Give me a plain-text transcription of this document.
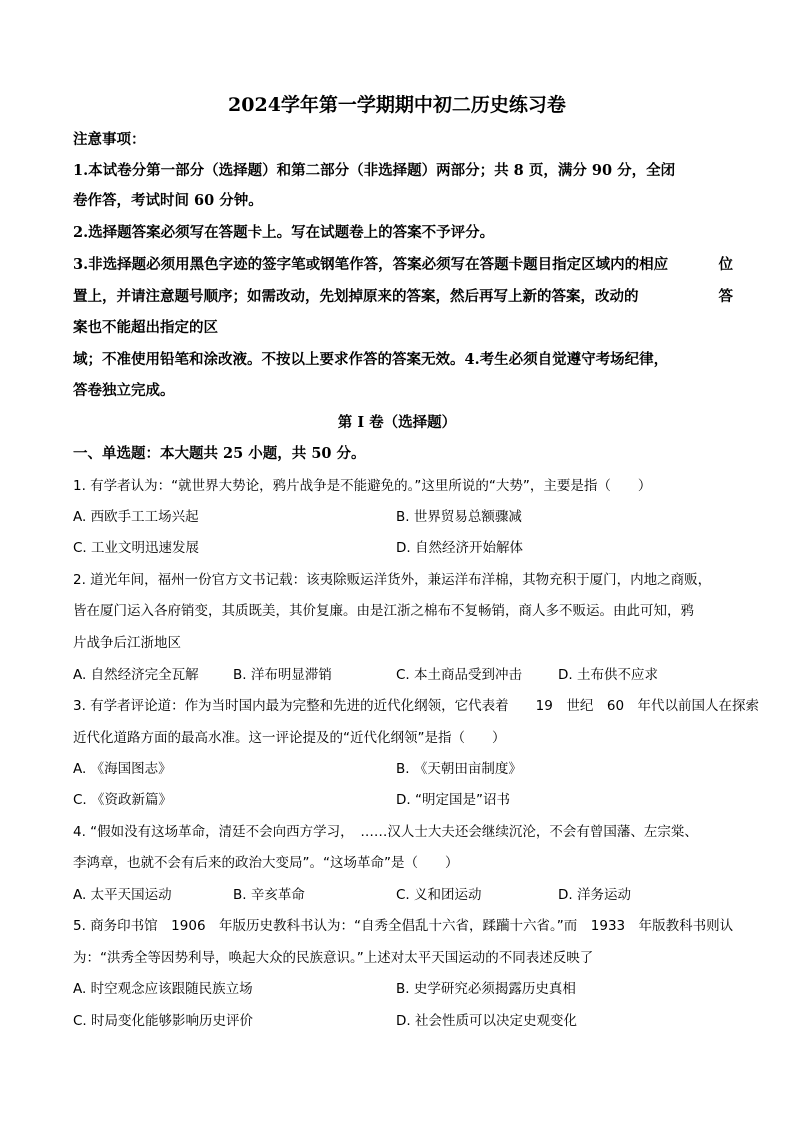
2024学年第一学期期中初二历史练习卷
注意事项：
1.本试卷分第一部分（选择题）和第二部分（非选择题）两部分；共 8 页，满分 90 分，全闭
卷作答，考试时间 60 分钟。
2.选择题答案必须写在答题卡上。写在试题卷上的答案不予评分。
3.非选择题必须用黑色字迹的签字笔或钢笔作答，答案必须写在答题卡题目指定区域内的相应	位
置上，并请注意题号顺序；如需改动，先划掉原来的答案，然后再写上新的答案，改动的	答
案也不能超出指定的区
域；不准使用铅笔和涂改液。不按以上要求作答的答案无效。4.考生必须自觉遵守考场纪律，
答卷独立完成。
第 I 卷（选择题）
一、单选题：本大题共 25 小题，共 50 分。
1. 有学者认为：“就世界大势论，鸦片战争是不能避免的。”这里所说的“大势”，主要是指（　　）
A. 西欧手工工场兴起	B. 世界贸易总额骤减
C. 工业文明迅速发展	D. 自然经济开始解体
2. 道光年间，福州一份官方文书记载：该夷除贩运洋货外，兼运洋布洋棉，其物充积于厦门，内地之商贩，
皆在厦门运入各府销变，其质既美，其价复廉。由是江浙之棉布不复畅销，商人多不贩运。由此可知，鸦
片战争后江浙地区
A. 自然经济完全瓦解	B. 洋布明显滞销	C. 本土商品受到冲击	D. 土布供不应求
3. 有学者评论道：作为当时国内最为完整和先进的近代化纲领，它代表着　　19　世纪　60　年代以前国人在探索
近代化道路方面的最高水准。这一评论提及的“近代化纲领”是指（　　）
A. 《海国图志》	B. 《天朝田亩制度》
C. 《资政新篇》	D. “明定国是”诏书
4. “假如没有这场革命，清廷不会向西方学习，　……汉人士大夫还会继续沉沦，不会有曾国藩、左宗棠、
李鸿章，也就不会有后来的政治大变局”。“这场革命”是（　　）
A. 太平天国运动	B. 辛亥革命	C. 义和团运动	D. 洋务运动
5. 商务印书馆　1906　年版历史教科书认为：“自秀全倡乱十六省，蹂躏十六省。”而　1933　年版教科书则认
为：“洪秀全等因势利导，唤起大众的民族意识。”上述对太平天国运动的不同表述反映了
A. 时空观念应该跟随民族立场	B. 史学研究必须揭露历史真相
C. 时局变化能够影响历史评价	D. 社会性质可以决定史观变化
